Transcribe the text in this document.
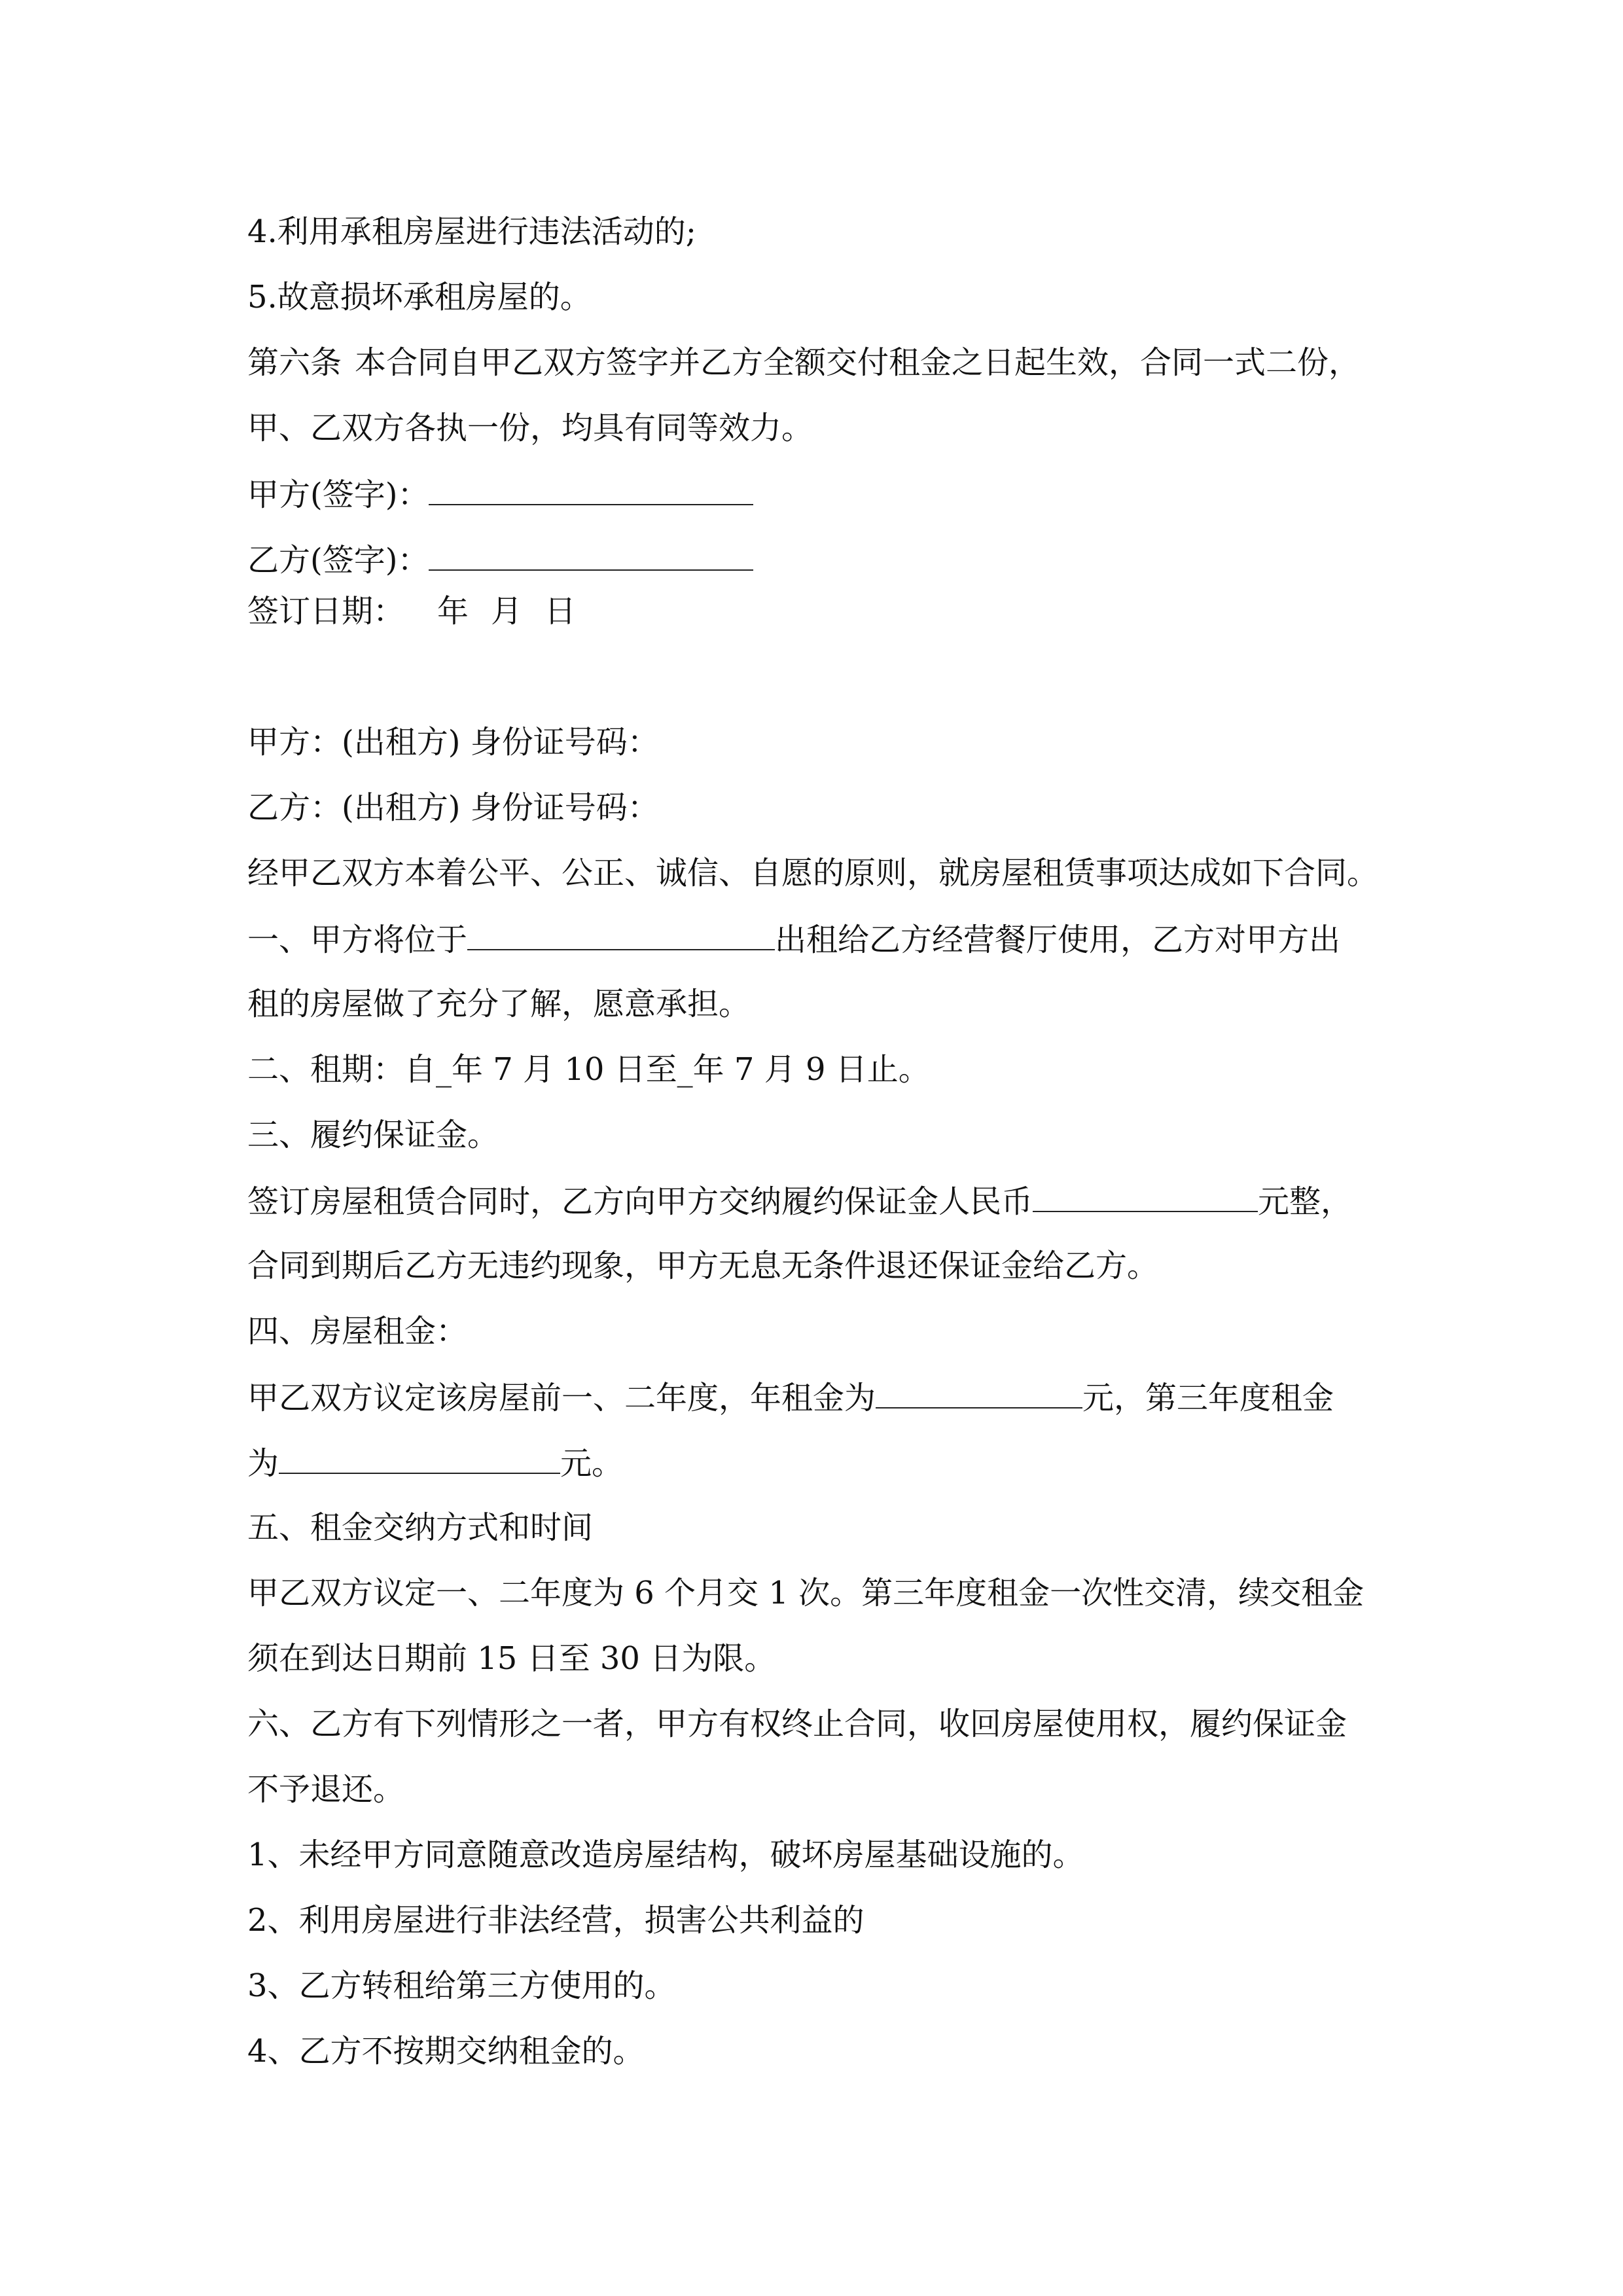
4.利用承租房屋进行违法活动的;
5.故意损坏承租房屋的。
第六条 本合同自甲乙双方签字并乙方全额交付租金之日起生效，合同一式二份，
甲、乙双方各执一份，均具有同等效力。
甲方(签字)：
乙方(签字)：
签订日期： 年 月 日
甲方：(出租方) 身份证号码：
乙方：(出租方) 身份证号码：
经甲乙双方本着公平、公正、诚信、自愿的原则，就房屋租赁事项达成如下合同。
一、甲方将位于	出租给乙方经营餐厅使用，乙方对甲方出
租的房屋做了充分了解，愿意承担。
二、租期：自_年 7 月 10 日至_年 7 月 9 日止。
三、履约保证金。
签订房屋租赁合同时，乙方向甲方交纳履约保证金人民币	元整，
合同到期后乙方无违约现象，甲方无息无条件退还保证金给乙方。
四、房屋租金：
甲乙双方议定该房屋前一、二年度，年租金为	元，第三年度租金
为	元。
五、租金交纳方式和时间
甲乙双方议定一、二年度为 6 个月交 1 次。第三年度租金一次性交清，续交租金
须在到达日期前 15 日至 30 日为限。
六、乙方有下列情形之一者，甲方有权终止合同，收回房屋使用权，履约保证金
不予退还。
1、未经甲方同意随意改造房屋结构，破坏房屋基础设施的。
2、利用房屋进行非法经营，损害公共利益的
3、乙方转租给第三方使用的。
4、乙方不按期交纳租金的。
